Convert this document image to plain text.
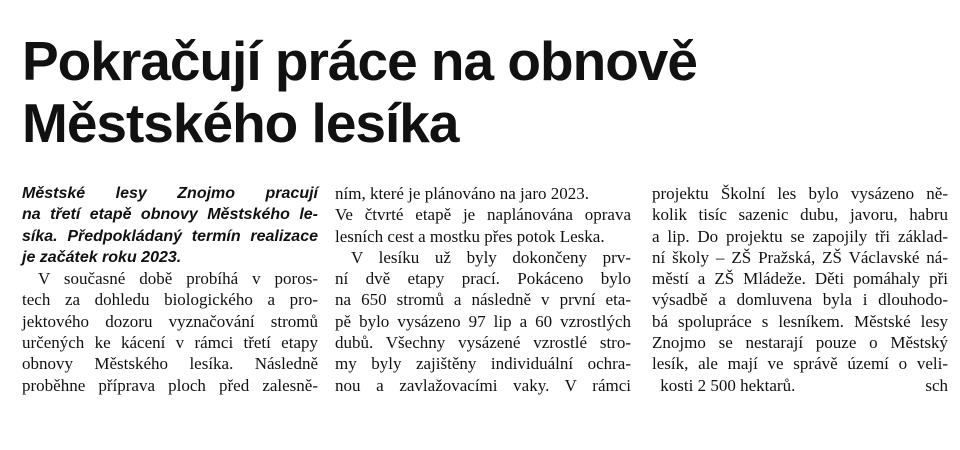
Pokračují práce na obnově
Městského lesíka
Městské lesy Znojmo pracují
na třetí etapě obnovy Městského le-
síka. Předpokládaný termín realizace
je začátek roku 2023.
V současné době probíhá v poros-
tech za dohledu biologického a pro-
jektového dozoru vyznačování stromů
určených ke kácení v rámci třetí etapy
obnovy Městského lesíka. Následně
proběhne příprava ploch před zalesně-
ním, které je plánováno na jaro 2023.
Ve čtvrté etapě je naplánována oprava
lesních cest a mostku přes potok Leska.
V lesíku už byly dokončeny prv-
ní dvě etapy prací. Pokáceno bylo
na 650 stromů a následně v první eta-
pě bylo vysázeno 97 lip a 60 vzrostlých
dubů. Všechny vysázené vzrostlé stro-
my byly zajištěny individuální ochra-
nou a zavlažovacími vaky. V rámci
projektu Školní les bylo vysázeno ně-
kolik tisíc sazenic dubu, javoru, habru
a lip. Do projektu se zapojily tři základ-
ní školy – ZŠ Pražská, ZŠ Václavské ná-
městí a ZŠ Mládeže. Děti pomáhaly při
výsadbě a domluvena byla i dlouhodo-
bá spolupráce s lesníkem. Městské lesy
Znojmo se nestarají pouze o Městský
lesík, ale mají ve správě území o veli-
kosti 2 500 hektarů.	sch
